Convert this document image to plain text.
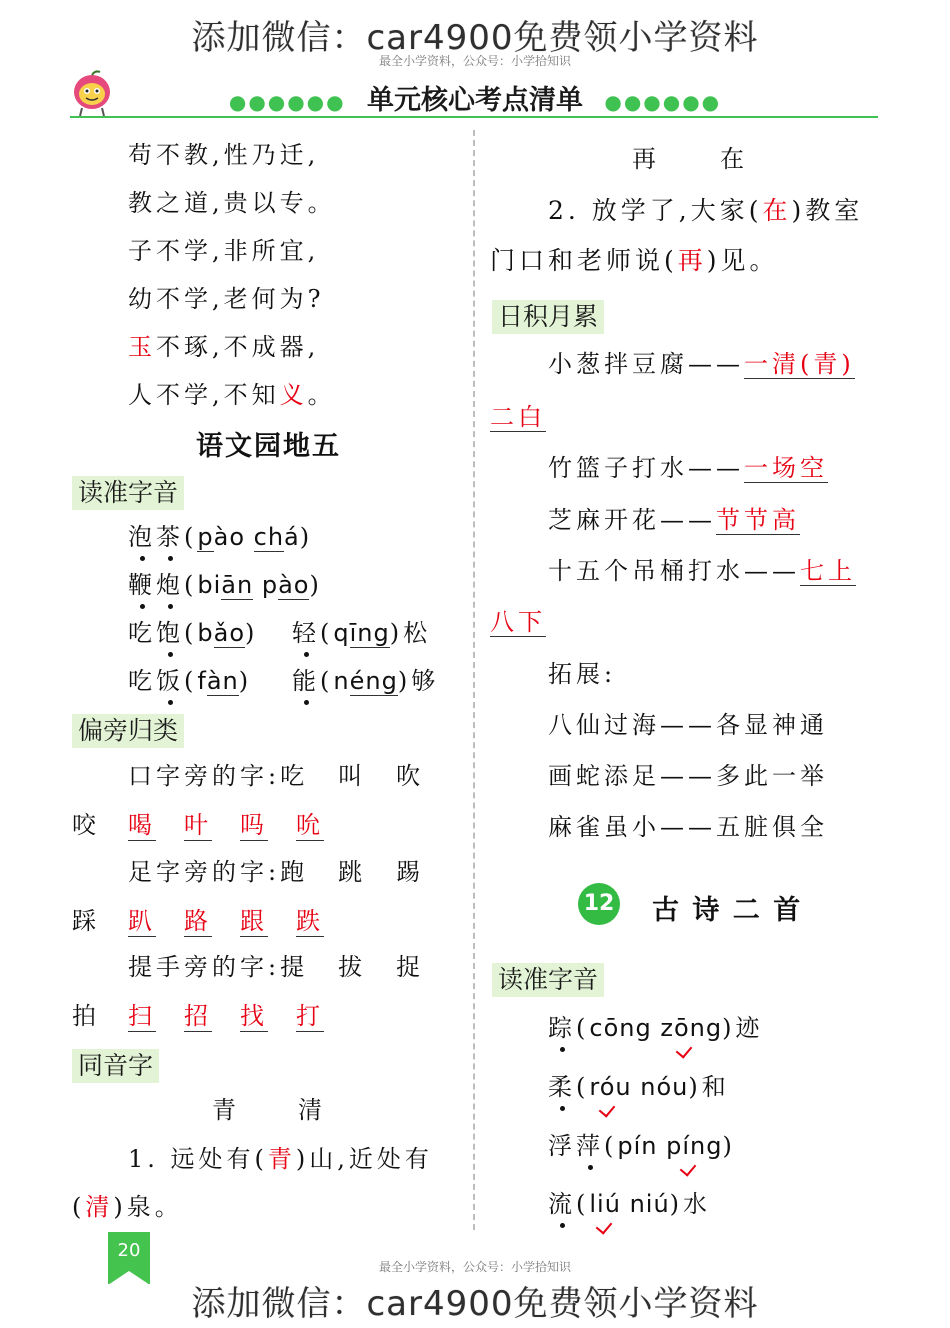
添加微信：car4900免费领小学资料
最全小学资料，公众号：小学拾知识
●●●●●● 单元核心考点清单 ●●●●●●
苟不教,性乃迁,
教之道,贵以专。
子不学,非所宜,
幼不学,老何为?
玉不琢,不成器,
人不学,不知义。
语文园地五
读准字音
泡茶(pào chá)
鞭炮(biān pào)
吃饱(bǎo) 轻(qīng)松
吃饭(fàn) 能(néng)够
偏旁归类
口字旁的字:吃 叫 吹
咬 喝 叶 吗 吮
足字旁的字:跑 跳 踢
踩 趴 路 跟 跌
提手旁的字:提 拔 捉
拍 扫 招 找 打
同音字
青 清
1. 远处有(青)山,近处有
(清)泉。
再	在
2. 放学了,大家(在)教室
门口和老师说(再)见。
日积月累
小葱拌豆腐——一清(青)
二白
竹篮子打水——一场空
芝麻开花——节节高
十五个吊桶打水——七上
八下
拓展:
八仙过海——各显神通
画蛇添足——多此一举
麻雀虽小——五脏俱全
12 古 诗 二 首
读准字音
踪(cōng zōng)迹
柔(róu nóu)和
浮萍(pín píng)
流(liú niú)水
20
最全小学资料，公众号：小学拾知识
添加微信：car4900免费领小学资料
